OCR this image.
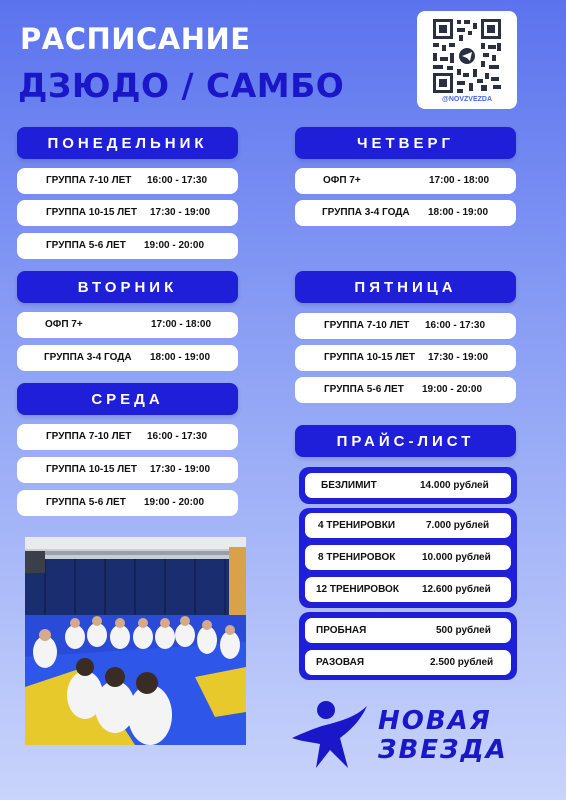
РАСПИСАНИЕ
ДЗЮДО / САМБО	@NOVZVEZDA
ПОНЕДЕЛЬНИК
ГРУППА 7-10 ЛЕТ 16:00 - 17:30
ГРУППА 10-15 ЛЕТ 17:30 - 19:00
ГРУППА 5-6 ЛЕТ 19:00 - 20:00
ВТОРНИК
ОФП 7+	17:00 - 18:00
ГРУППА 3-4 ГОДА 18:00 - 19:00
СРЕДА
ГРУППА 7-10 ЛЕТ 16:00 - 17:30
ГРУППА 10-15 ЛЕТ 17:30 - 19:00
ГРУППА 5-6 ЛЕТ 19:00 - 20:00
ЧЕТВЕРГ
ОФП 7+	17:00 - 18:00
ГРУППА 3-4 ГОДА 18:00 - 19:00
ПЯТНИЦА
ГРУППА 7-10 ЛЕТ 16:00 - 17:30
ГРУППА 10-15 ЛЕТ 17:30 - 19:00
ГРУППА 5-6 ЛЕТ 19:00 - 20:00
ПРАЙС-ЛИСТ
БЕЗЛИМИТ	14.000 рублей
4 ТРЕНИРОВКИ	7.000 рублей
8 ТРЕНИРОВОК	10.000 рублей
12 ТРЕНИРОВОК 12.600 рублей
ПРОБНАЯ	500 рублей
РАЗОВАЯ	2.500 рублей
НОВАЯ
ЗВЕЗДА
